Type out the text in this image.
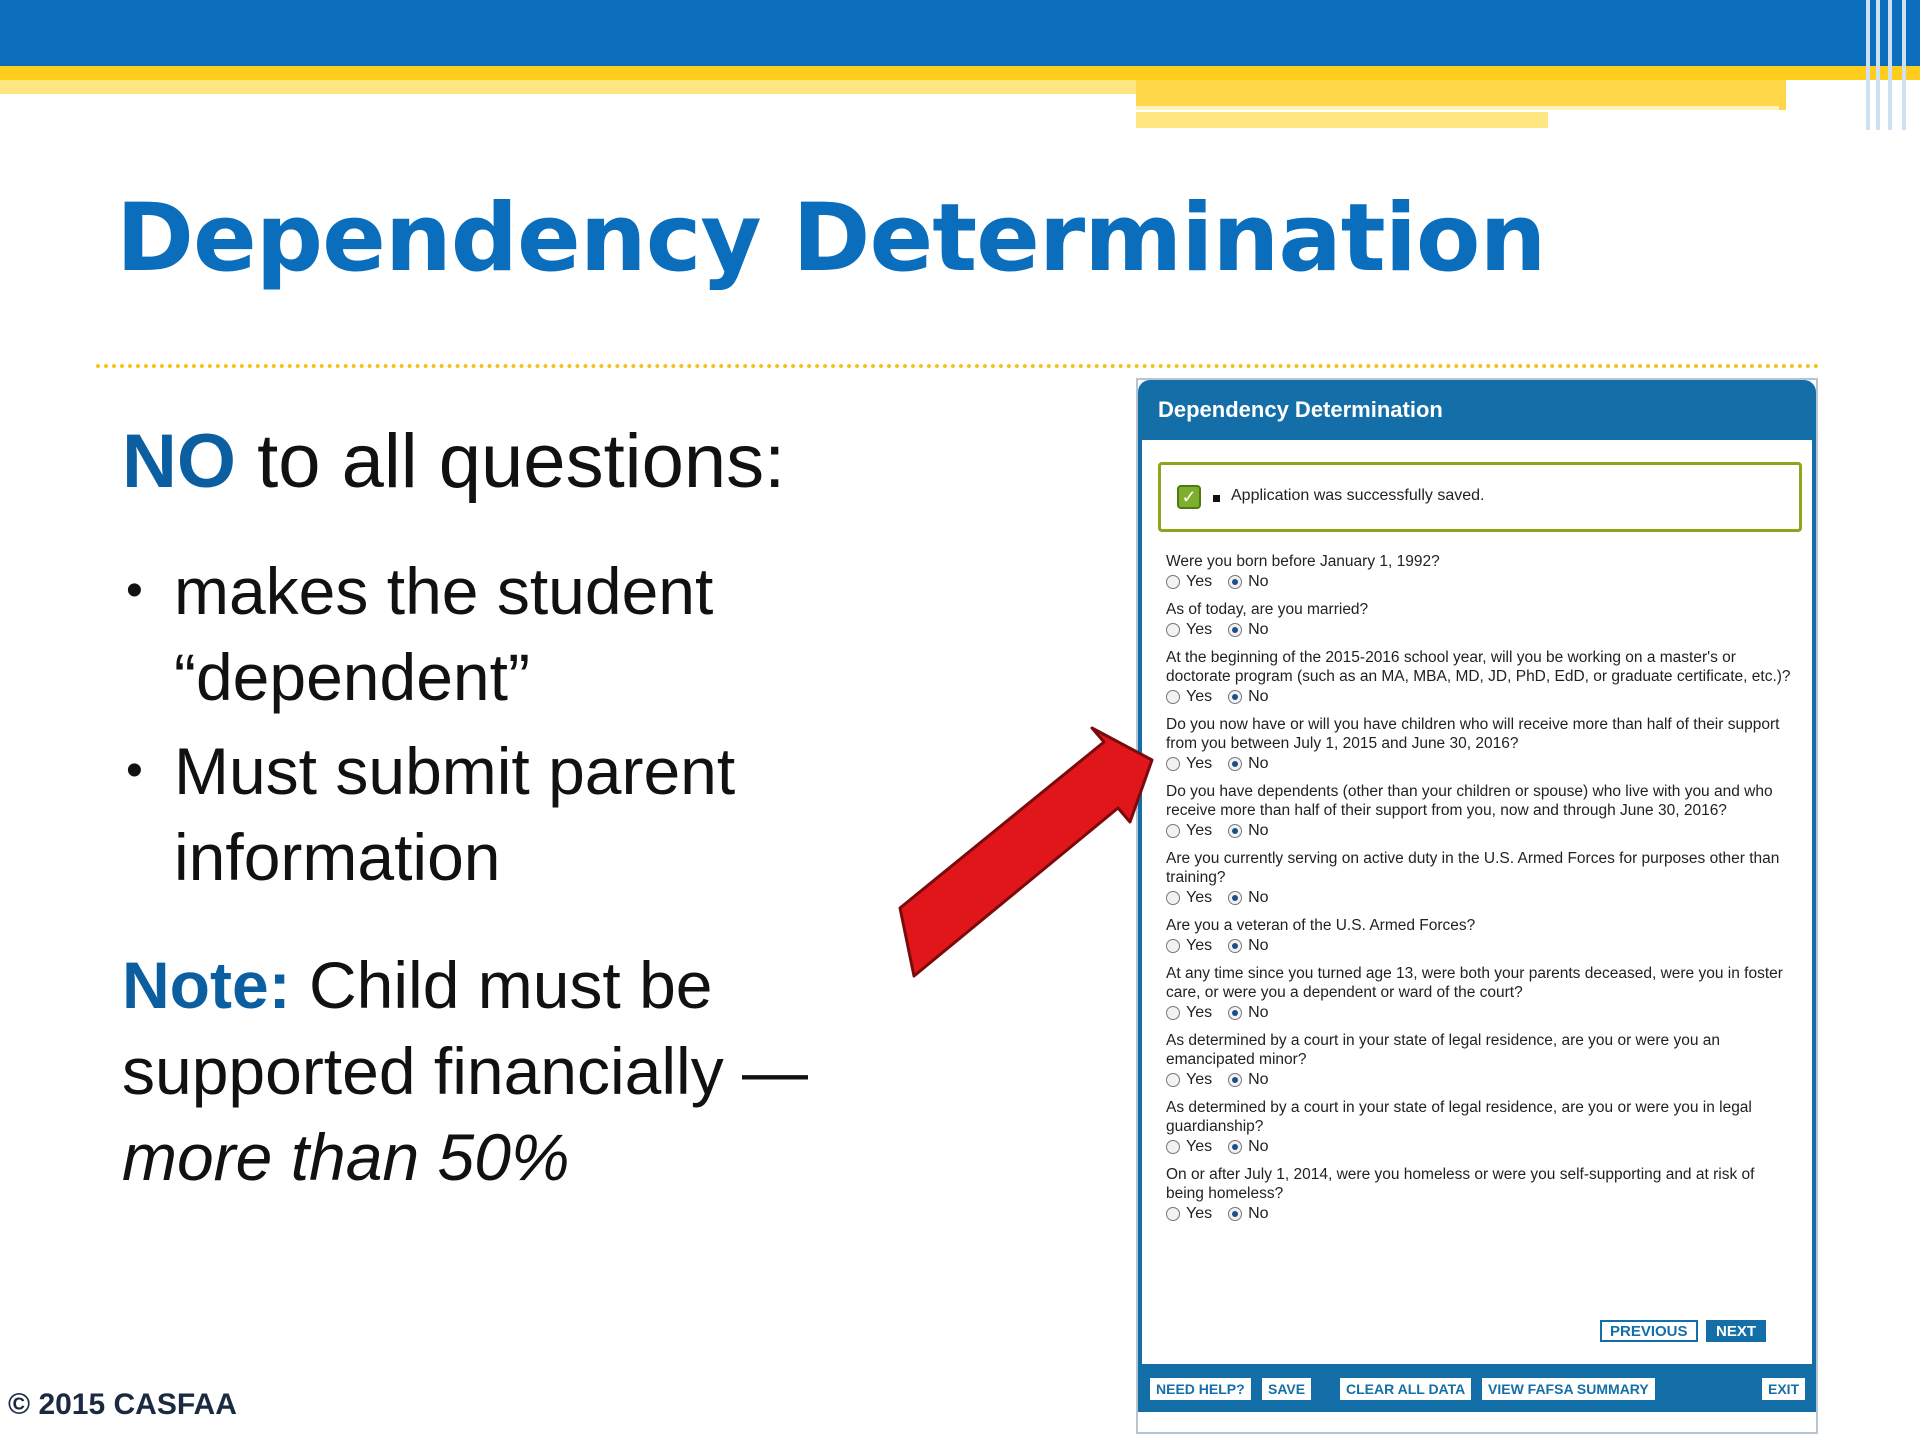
Dependency Determination
NO to all questions:
• makes the student “dependent”
• Must submit parent information
Note: Child must be supported financially — more than 50%
© 2015 CASFAA
Dependency Determination
✓ Application was successfully saved.
Were you born before January 1, 1992?
Yes No
As of today, are you married?
Yes No
At the beginning of the 2015-2016 school year, will you be working on a master's or doctorate program (such as an MA, MBA, MD, JD, PhD, EdD, or graduate certificate, etc.)?
Yes No
Do you now have or will you have children who will receive more than half of their support from you between July 1, 2015 and June 30, 2016?
Yes No
Do you have dependents (other than your children or spouse) who live with you and who receive more than half of their support from you, now and through June 30, 2016?
Yes No
Are you currently serving on active duty in the U.S. Armed Forces for purposes other than training?
Yes No
Are you a veteran of the U.S. Armed Forces?
Yes No
At any time since you turned age 13, were both your parents deceased, were you in foster care, or were you a dependent or ward of the court?
Yes No
As determined by a court in your state of legal residence, are you or were you an emancipated minor?
Yes No
As determined by a court in your state of legal residence, are you or were you in legal guardianship?
Yes No
On or after July 1, 2014, were you homeless or were you self-supporting and at risk of being homeless?
Yes No
PREVIOUS	NEXT
NEED HELP?	SAVE	CLEAR ALL DATA	VIEW FAFSA SUMMARY	EXIT
